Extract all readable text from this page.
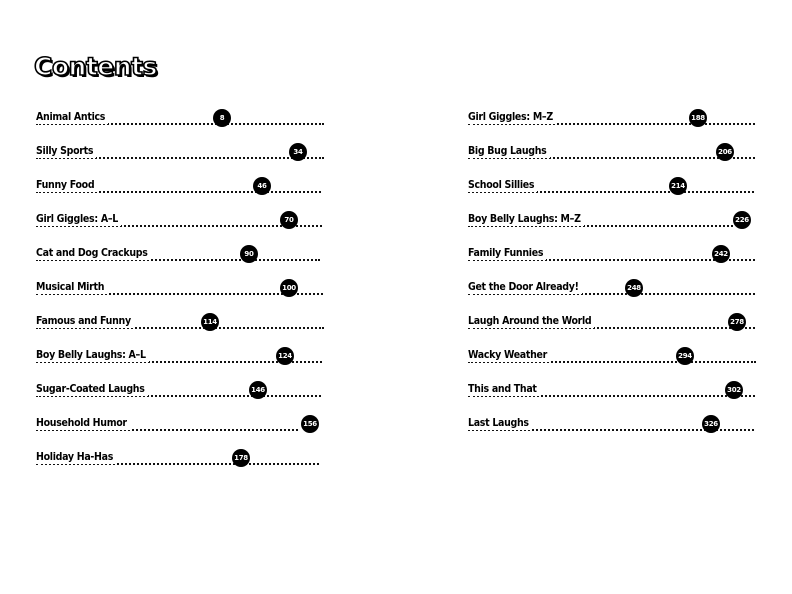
Contents
Animal Antics	8
Silly Sports	34
Funny Food	46
Girl Giggles: A–L	70
Cat and Dog Crackups	90
Musical Mirth	100
Famous and Funny	114
Boy Belly Laughs: A–L	124
Sugar-Coated Laughs	146
Household Humor	156
Holiday Ha-Has	178
Girl Giggles: M–Z	188
Big Bug Laughs	206
School Sillies	214
Boy Belly Laughs: M–Z	226
Family Funnies	242
Get the Door Already!	248
Laugh Around the World	278
Wacky Weather	294
This and That	302
Last Laughs	326
